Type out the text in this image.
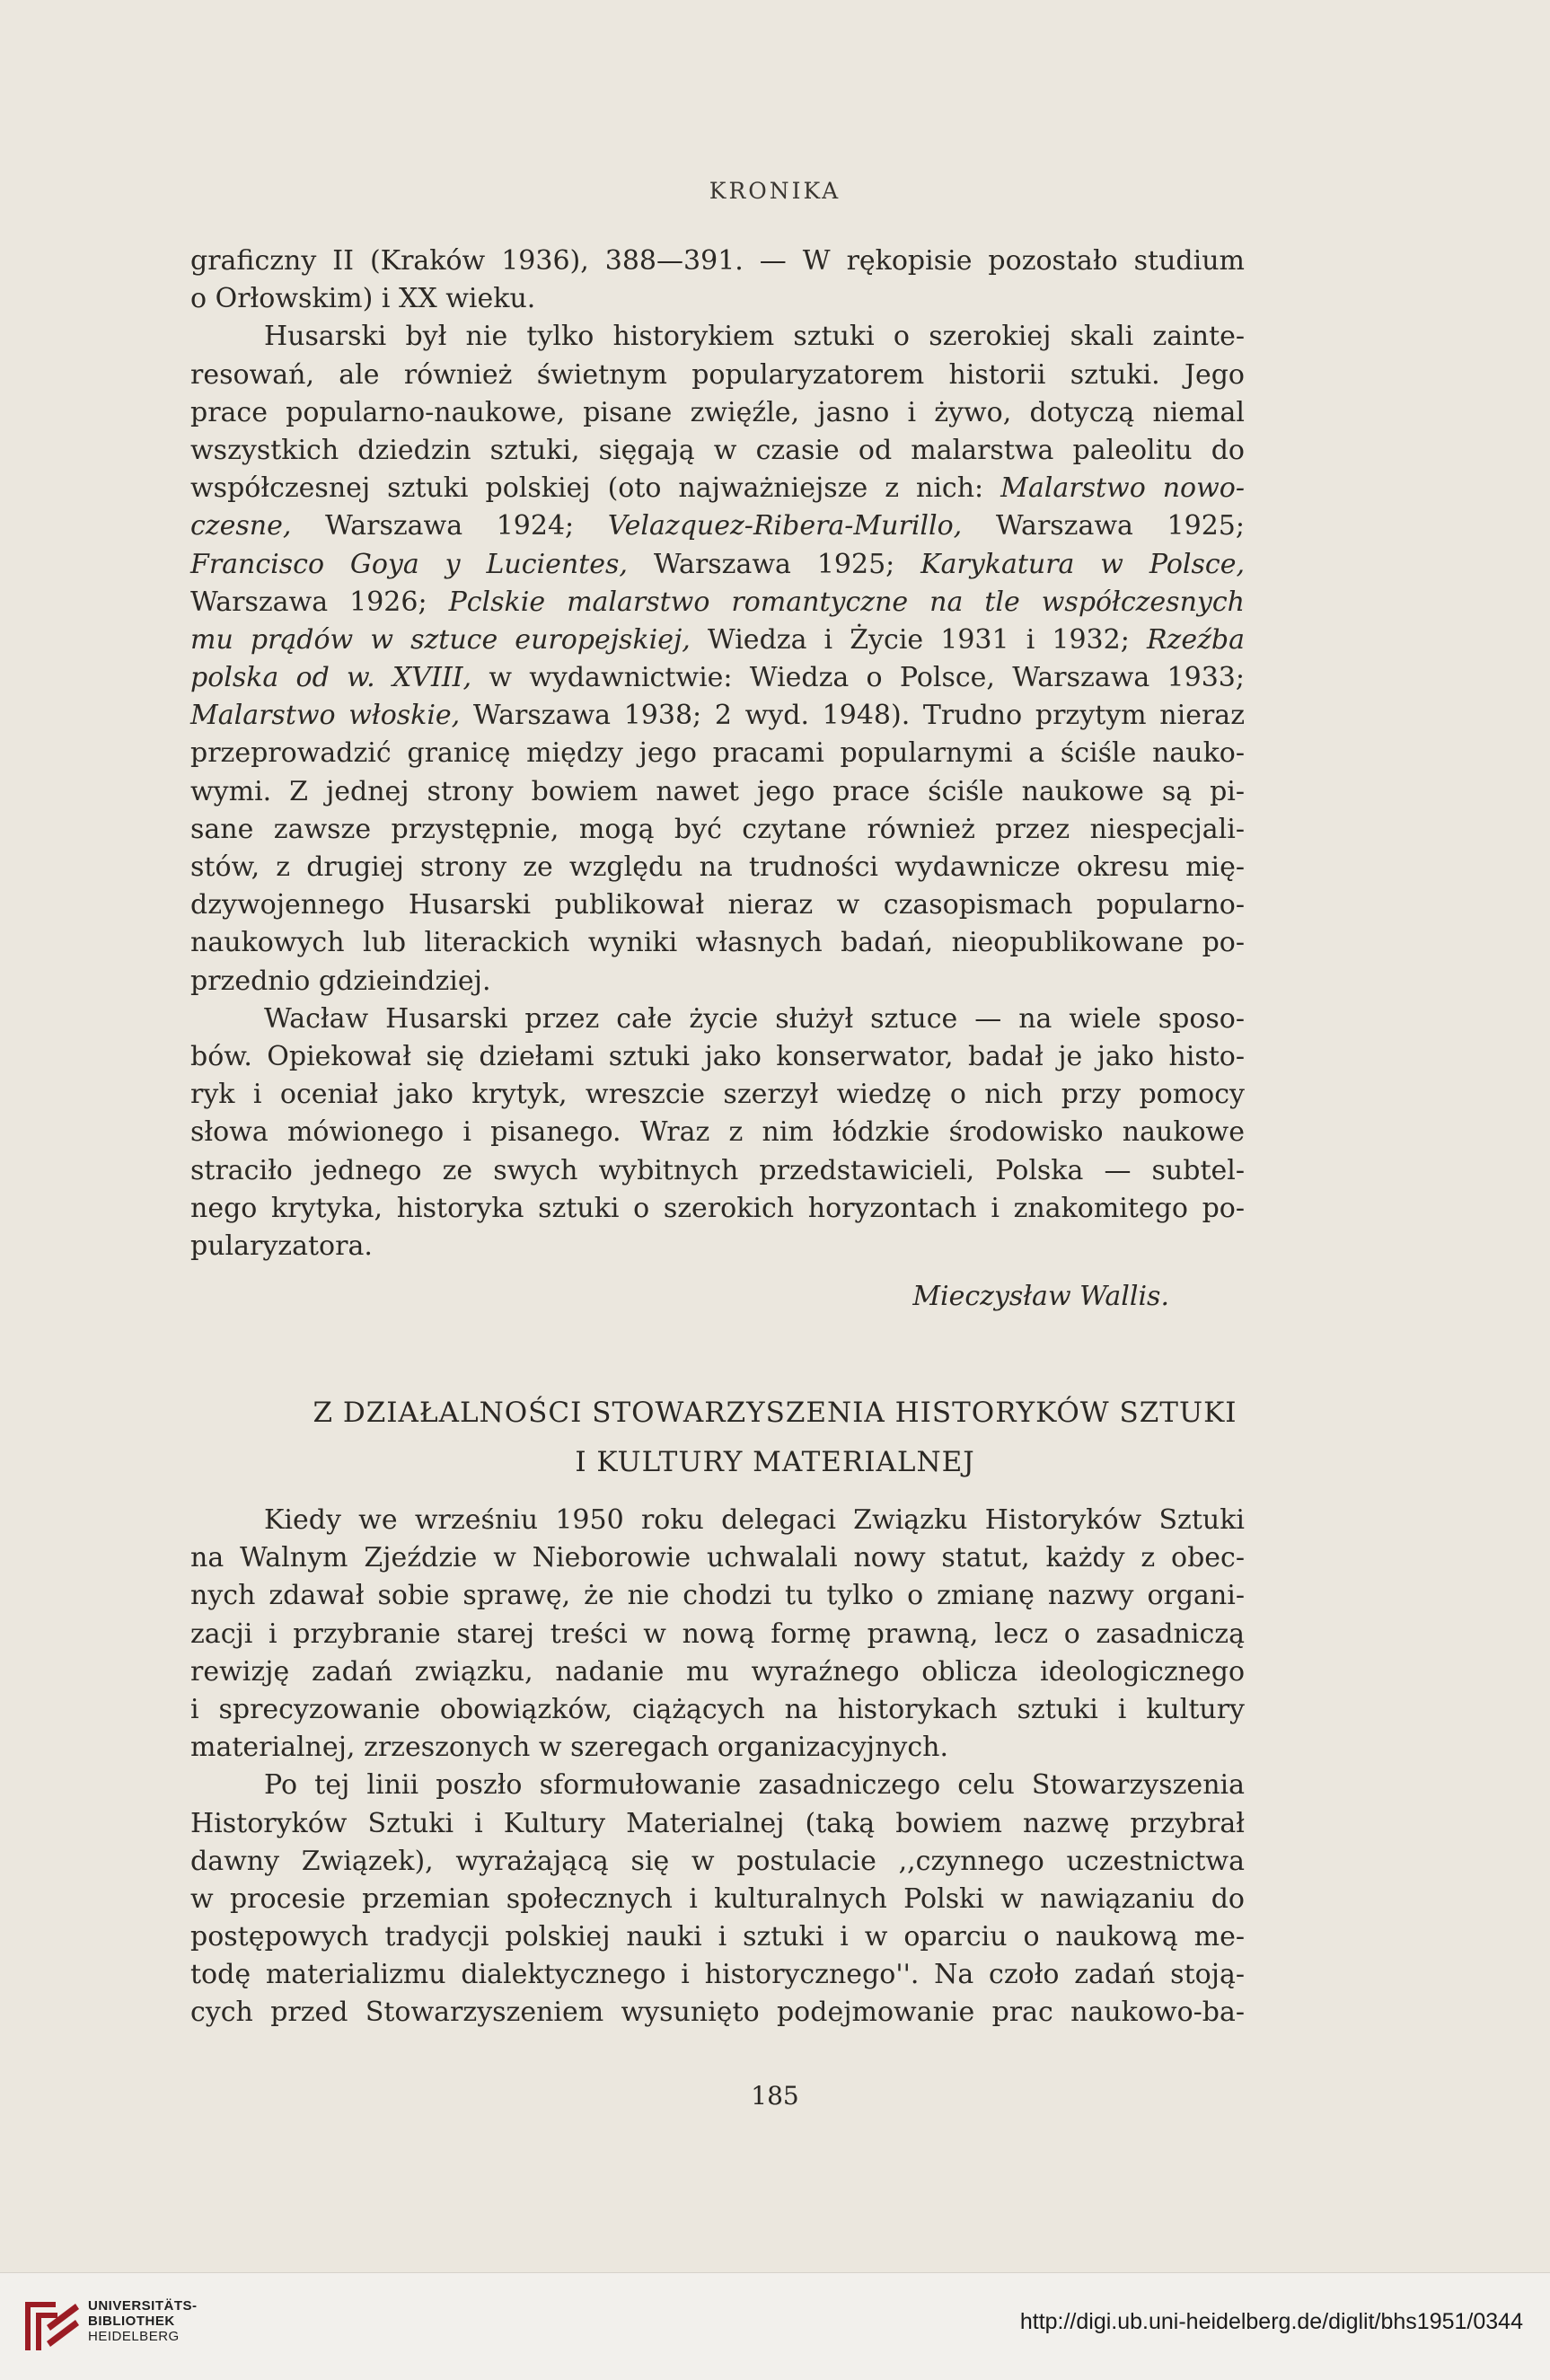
KRONIKA
graficzny II (Kraków 1936), 388—391. — W rękopisie pozostało studium
o Orłowskim) i XX wieku.
Husarski był nie tylko historykiem sztuki o szerokiej skali zainte-
resowań, ale również świetnym popularyzatorem historii sztuki. Jego
prace popularno-naukowe, pisane zwięźle, jasno i żywo, dotyczą niemal
wszystkich dziedzin sztuki, sięgają w czasie od malarstwa paleolitu do
współczesnej sztuki polskiej (oto najważniejsze z nich: Malarstwo nowo-
czesne, Warszawa 1924; Velazquez-Ribera-Murillo, Warszawa 1925;
Francisco Goya y Lucientes, Warszawa 1925; Karykatura w Polsce,
Warszawa 1926; Pclskie malarstwo romantyczne na tle współczesnych
mu prądów w sztuce europejskiej, Wiedza i Życie 1931 i 1932; Rzeźba
polska od w. XVIII, w wydawnictwie: Wiedza o Polsce, Warszawa 1933;
Malarstwo włoskie, Warszawa 1938; 2 wyd. 1948). Trudno przytym nieraz
przeprowadzić granicę między jego pracami popularnymi a ściśle nauko-
wymi. Z jednej strony bowiem nawet jego prace ściśle naukowe są pi-
sane zawsze przystępnie, mogą być czytane również przez niespecjali-
stów, z drugiej strony ze względu na trudności wydawnicze okresu mię-
dzywojennego Husarski publikował nieraz w czasopismach popularno-
naukowych lub literackich wyniki własnych badań, nieopublikowane po-
przednio gdzieindziej.
Wacław Husarski przez całe życie służył sztuce — na wiele sposo-
bów. Opiekował się dziełami sztuki jako konserwator, badał je jako histo-
ryk i oceniał jako krytyk, wreszcie szerzył wiedzę o nich przy pomocy
słowa mówionego i pisanego. Wraz z nim łódzkie środowisko naukowe
straciło jednego ze swych wybitnych przedstawicieli, Polska — subtel-
nego krytyka, historyka sztuki o szerokich horyzontach i znakomitego po-
pularyzatora.
Mieczysław Wallis.
Z DZIAŁALNOŚCI STOWARZYSZENIA HISTORYKÓW SZTUKI
I KULTURY MATERIALNEJ
Kiedy we wrześniu 1950 roku delegaci Związku Historyków Sztuki
na Walnym Zjeździe w Nieborowie uchwalali nowy statut, każdy z obec-
nych zdawał sobie sprawę, że nie chodzi tu tylko o zmianę nazwy organi-
zacji i przybranie starej treści w nową formę prawną, lecz o zasadniczą
rewizję zadań związku, nadanie mu wyraźnego oblicza ideologicznego
i sprecyzowanie obowiązków, ciążących na historykach sztuki i kultury
materialnej, zrzeszonych w szeregach organizacyjnych.
Po tej linii poszło sformułowanie zasadniczego celu Stowarzyszenia
Historyków Sztuki i Kultury Materialnej (taką bowiem nazwę przybrał
dawny Związek), wyrażającą się w postulacie ,,czynnego uczestnictwa
w procesie przemian społecznych i kulturalnych Polski w nawiązaniu do
postępowych tradycji polskiej nauki i sztuki i w oparciu o naukową me-
todę materializmu dialektycznego i historycznego''. Na czoło zadań stoją-
cych przed Stowarzyszeniem wysunięto podejmowanie prac naukowo-ba-
185
UNIVERSITÄTS-
BIBLIOTHEK
HEIDELBERG
http://digi.ub.uni-heidelberg.de/diglit/bhs1951/0344
